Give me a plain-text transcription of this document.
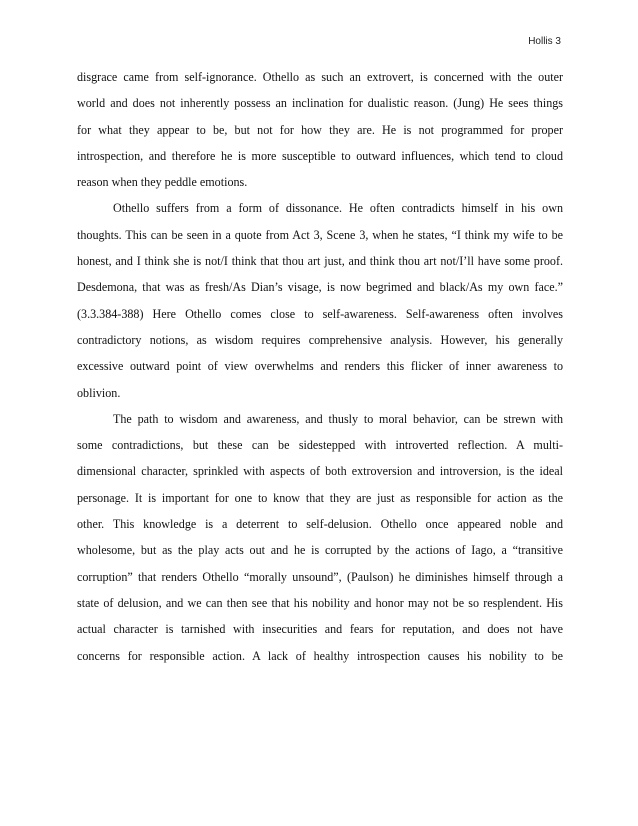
Hollis 3
disgrace came from self-ignorance. Othello as such an extrovert, is concerned with the outer
world and does not inherently possess an inclination for dualistic reason. (Jung) He sees things
for what they appear to be, but not for how they are. He is not programmed for proper
introspection, and therefore he is more susceptible to outward influences, which tend to cloud
reason when they peddle emotions.
Othello suffers from a form of dissonance. He often contradicts himself in his own
thoughts. This can be seen in a quote from Act 3, Scene 3, when he states, “I think my wife to be
honest, and I think she is not/I think that thou art just, and think thou art not/I’ll have some proof.
Desdemona, that was as fresh/As Dian’s visage, is now begrimed and black/As my own face.”
(3.3.384-388) Here Othello comes close to self-awareness. Self-awareness often involves
contradictory notions, as wisdom requires comprehensive analysis. However, his generally
excessive outward point of view overwhelms and renders this flicker of inner awareness to
oblivion.
The path to wisdom and awareness, and thusly to moral behavior, can be strewn with
some contradictions, but these can be sidestepped with introverted reflection. A multi-
dimensional character, sprinkled with aspects of both extroversion and introversion, is the ideal
personage. It is important for one to know that they are just as responsible for action as the
other. This knowledge is a deterrent to self-delusion. Othello once appeared noble and
wholesome, but as the play acts out and he is corrupted by the actions of Iago, a “transitive
corruption” that renders Othello “morally unsound”, (Paulson) he diminishes himself through a
state of delusion, and we can then see that his nobility and honor may not be so resplendent. His
actual character is tarnished with insecurities and fears for reputation, and does not have
concerns for responsible action. A lack of healthy introspection causes his nobility to be
